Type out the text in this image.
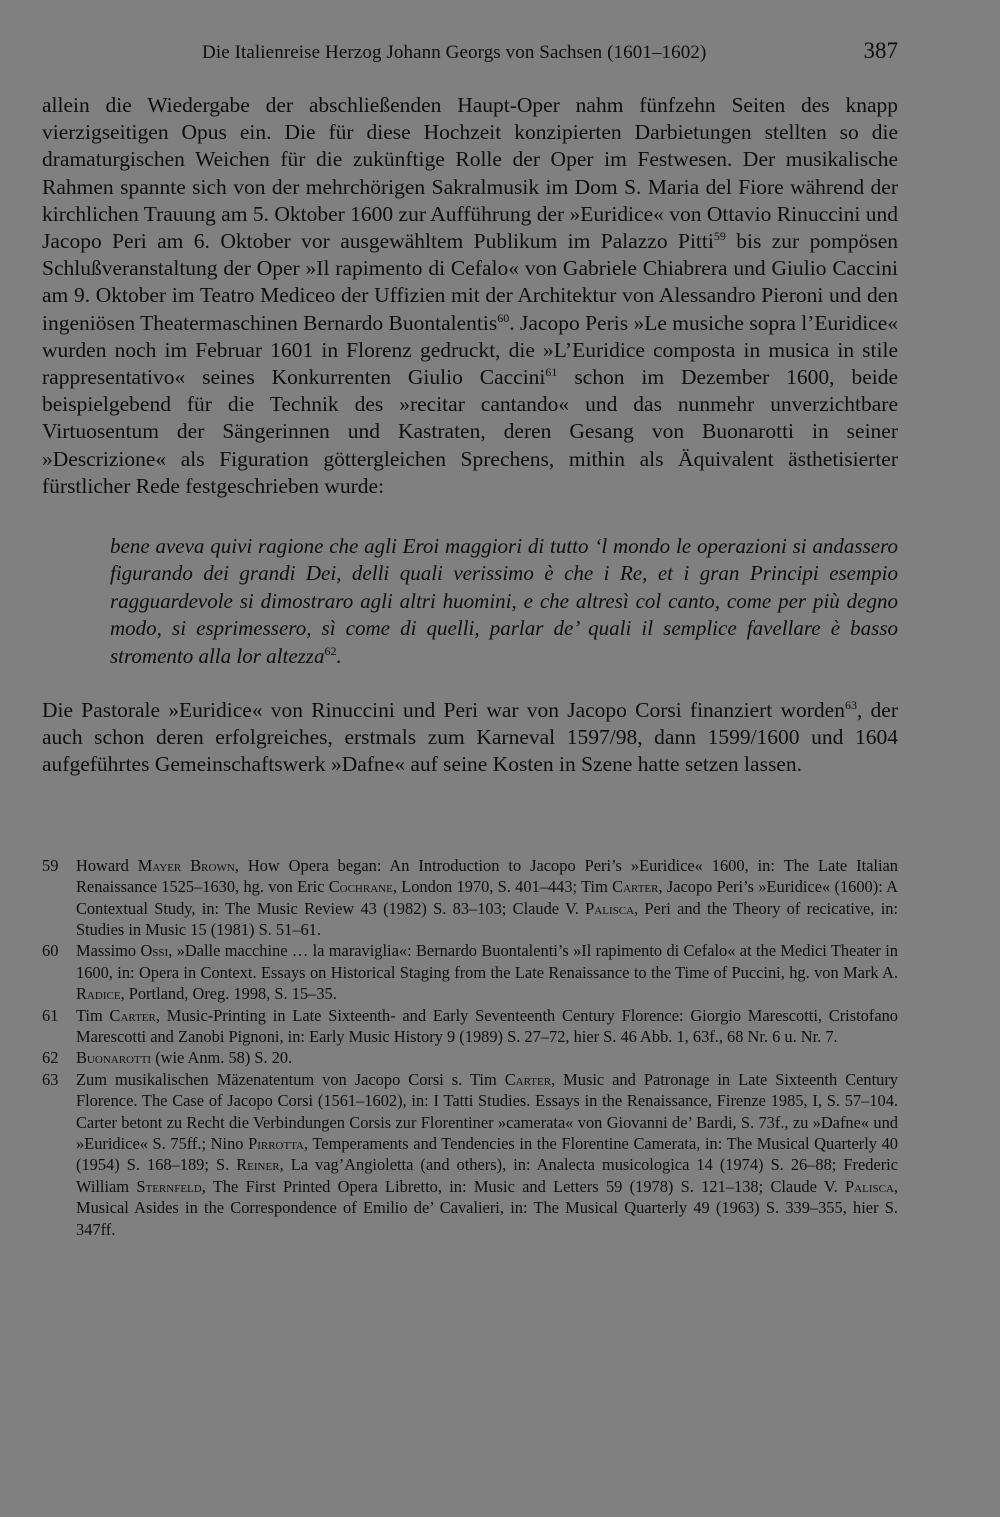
Die Italienreise Herzog Johann Georgs von Sachsen (1601–1602)	387

allein die Wiedergabe der abschließenden Haupt-Oper nahm fünfzehn Seiten des knapp vierzigseitigen Opus ein. Die für diese Hochzeit konzipierten Darbietungen stellten so die dramaturgischen Weichen für die zukünftige Rolle der Oper im Festwesen. Der musikalische Rahmen spannte sich von der mehrchörigen Sakralmusik im Dom S. Maria del Fiore während der kirchlichen Trauung am 5. Oktober 1600 zur Aufführung der »Euridice« von Ottavio Rinuccini und Jacopo Peri am 6. Oktober vor ausgewähltem Publikum im Palazzo Pitti$^{59}$ bis zur pompösen Schlußveranstaltung der Oper »Il rapimento di Cefalo« von Gabriele Chiabrera und Giulio Caccini am 9. Oktober im Teatro Mediceo der Uffizien mit der Architektur von Alessandro Pieroni und den ingeniösen Theatermaschinen Bernardo Buontalentis$^{60}$. Jacopo Peris »Le musiche sopra l’Euridice« wurden noch im Februar 1601 in Florenz gedruckt, die »L’Euridice composta in musica in stile rappresentativo« seines Konkurrenten Giulio Caccini$^{61}$ schon im Dezember 1600, beide beispielgebend für die Technik des »recitar cantando« und das nunmehr unverzichtbare Virtuosentum der Sängerinnen und Kastraten, deren Gesang von Buonarotti in seiner »Descrizione« als Figuration göttergleichen Sprechens, mithin als Äquivalent ästhetisierter fürstlicher Rede festgeschrieben wurde:

bene aveva quivi ragione che agli Eroi maggiori di tutto ‘l mondo le operazioni si andassero figurando dei grandi Dei, delli quali verissimo è che i Re, et i gran Principi esempio ragguardevole si dimostraro agli altri huomini, e che altresì col canto, come per più degno modo, si esprimessero, sì come di quelli, parlar de’ quali il semplice favellare è basso stromento alla lor altezza$^{62}$.
Die Pastorale »Euridice« von Rinuccini und Peri war von Jacopo Corsi finanziert worden$^{63}$, der auch schon deren erfolgreiches, erstmals zum Karneval 1597/98, dann 1599/1600 und 1604 aufgeführtes Gemeinschaftswerk »Dafne« auf seine Kosten in Szene hatte setzen lassen.
59	Howard Mayer Brown, How Opera began: An Introduction to Jacopo Peri’s »Euridice« 1600, in: The Late Italian Renaissance 1525–1630, hg. von Eric Cochrane, London 1970, S. 401–443; Tim Carter, Jacopo Peri’s »Euridice« (1600): A Contextual Study, in: The Music Review 43 (1982) S. 83–103; Claude V. Palisca, Peri and the Theory of recicative, in: Studies in Music 15 (1981) S. 51–61.
60	Massimo Ossi, »Dalle macchine … la maraviglia«: Bernardo Buontalenti’s »Il rapimento di Cefalo« at the Medici Theater in 1600, in: Opera in Context. Essays on Historical Staging from the Late Renaissance to the Time of Puccini, hg. von Mark A. Radice, Portland, Oreg. 1998, S. 15–35.
61	Tim Carter, Music-Printing in Late Sixteenth- and Early Seventeenth Century Florence: Giorgio Marescotti, Cristofano Marescotti and Zanobi Pignoni, in: Early Music History 9 (1989) S. 27–72, hier S. 46 Abb. 1, 63f., 68 Nr. 6 u. Nr. 7.
62	Buonarotti (wie Anm. 58) S. 20.
63	Zum musikalischen Mäzenatentum von Jacopo Corsi s. Tim Carter, Music and Patronage in Late Sixteenth Century Florence. The Case of Jacopo Corsi (1561–1602), in: I Tatti Studies. Essays in the Renaissance, Firenze 1985, I, S. 57–104. Carter betont zu Recht die Verbindungen Corsis zur Florentiner »camerata« von Giovanni de’ Bardi, S. 73f., zu »Dafne« und »Euridice« S. 75ff.; Nino Pirrotta, Temperaments and Tendencies in the Florentine Camerata, in: The Musical Quarterly 40 (1954) S. 168–189; S. Reiner, La vag’Angioletta (and others), in: Analecta musicologica 14 (1974) S. 26–88; Frederic William Sternfeld, The First Printed Opera Libretto, in: Music and Letters 59 (1978) S. 121–138; Claude V. Palisca, Musical Asides in the Correspondence of Emilio de’ Cavalieri, in: The Musical Quarterly 49 (1963) S. 339–355, hier S. 347ff.
